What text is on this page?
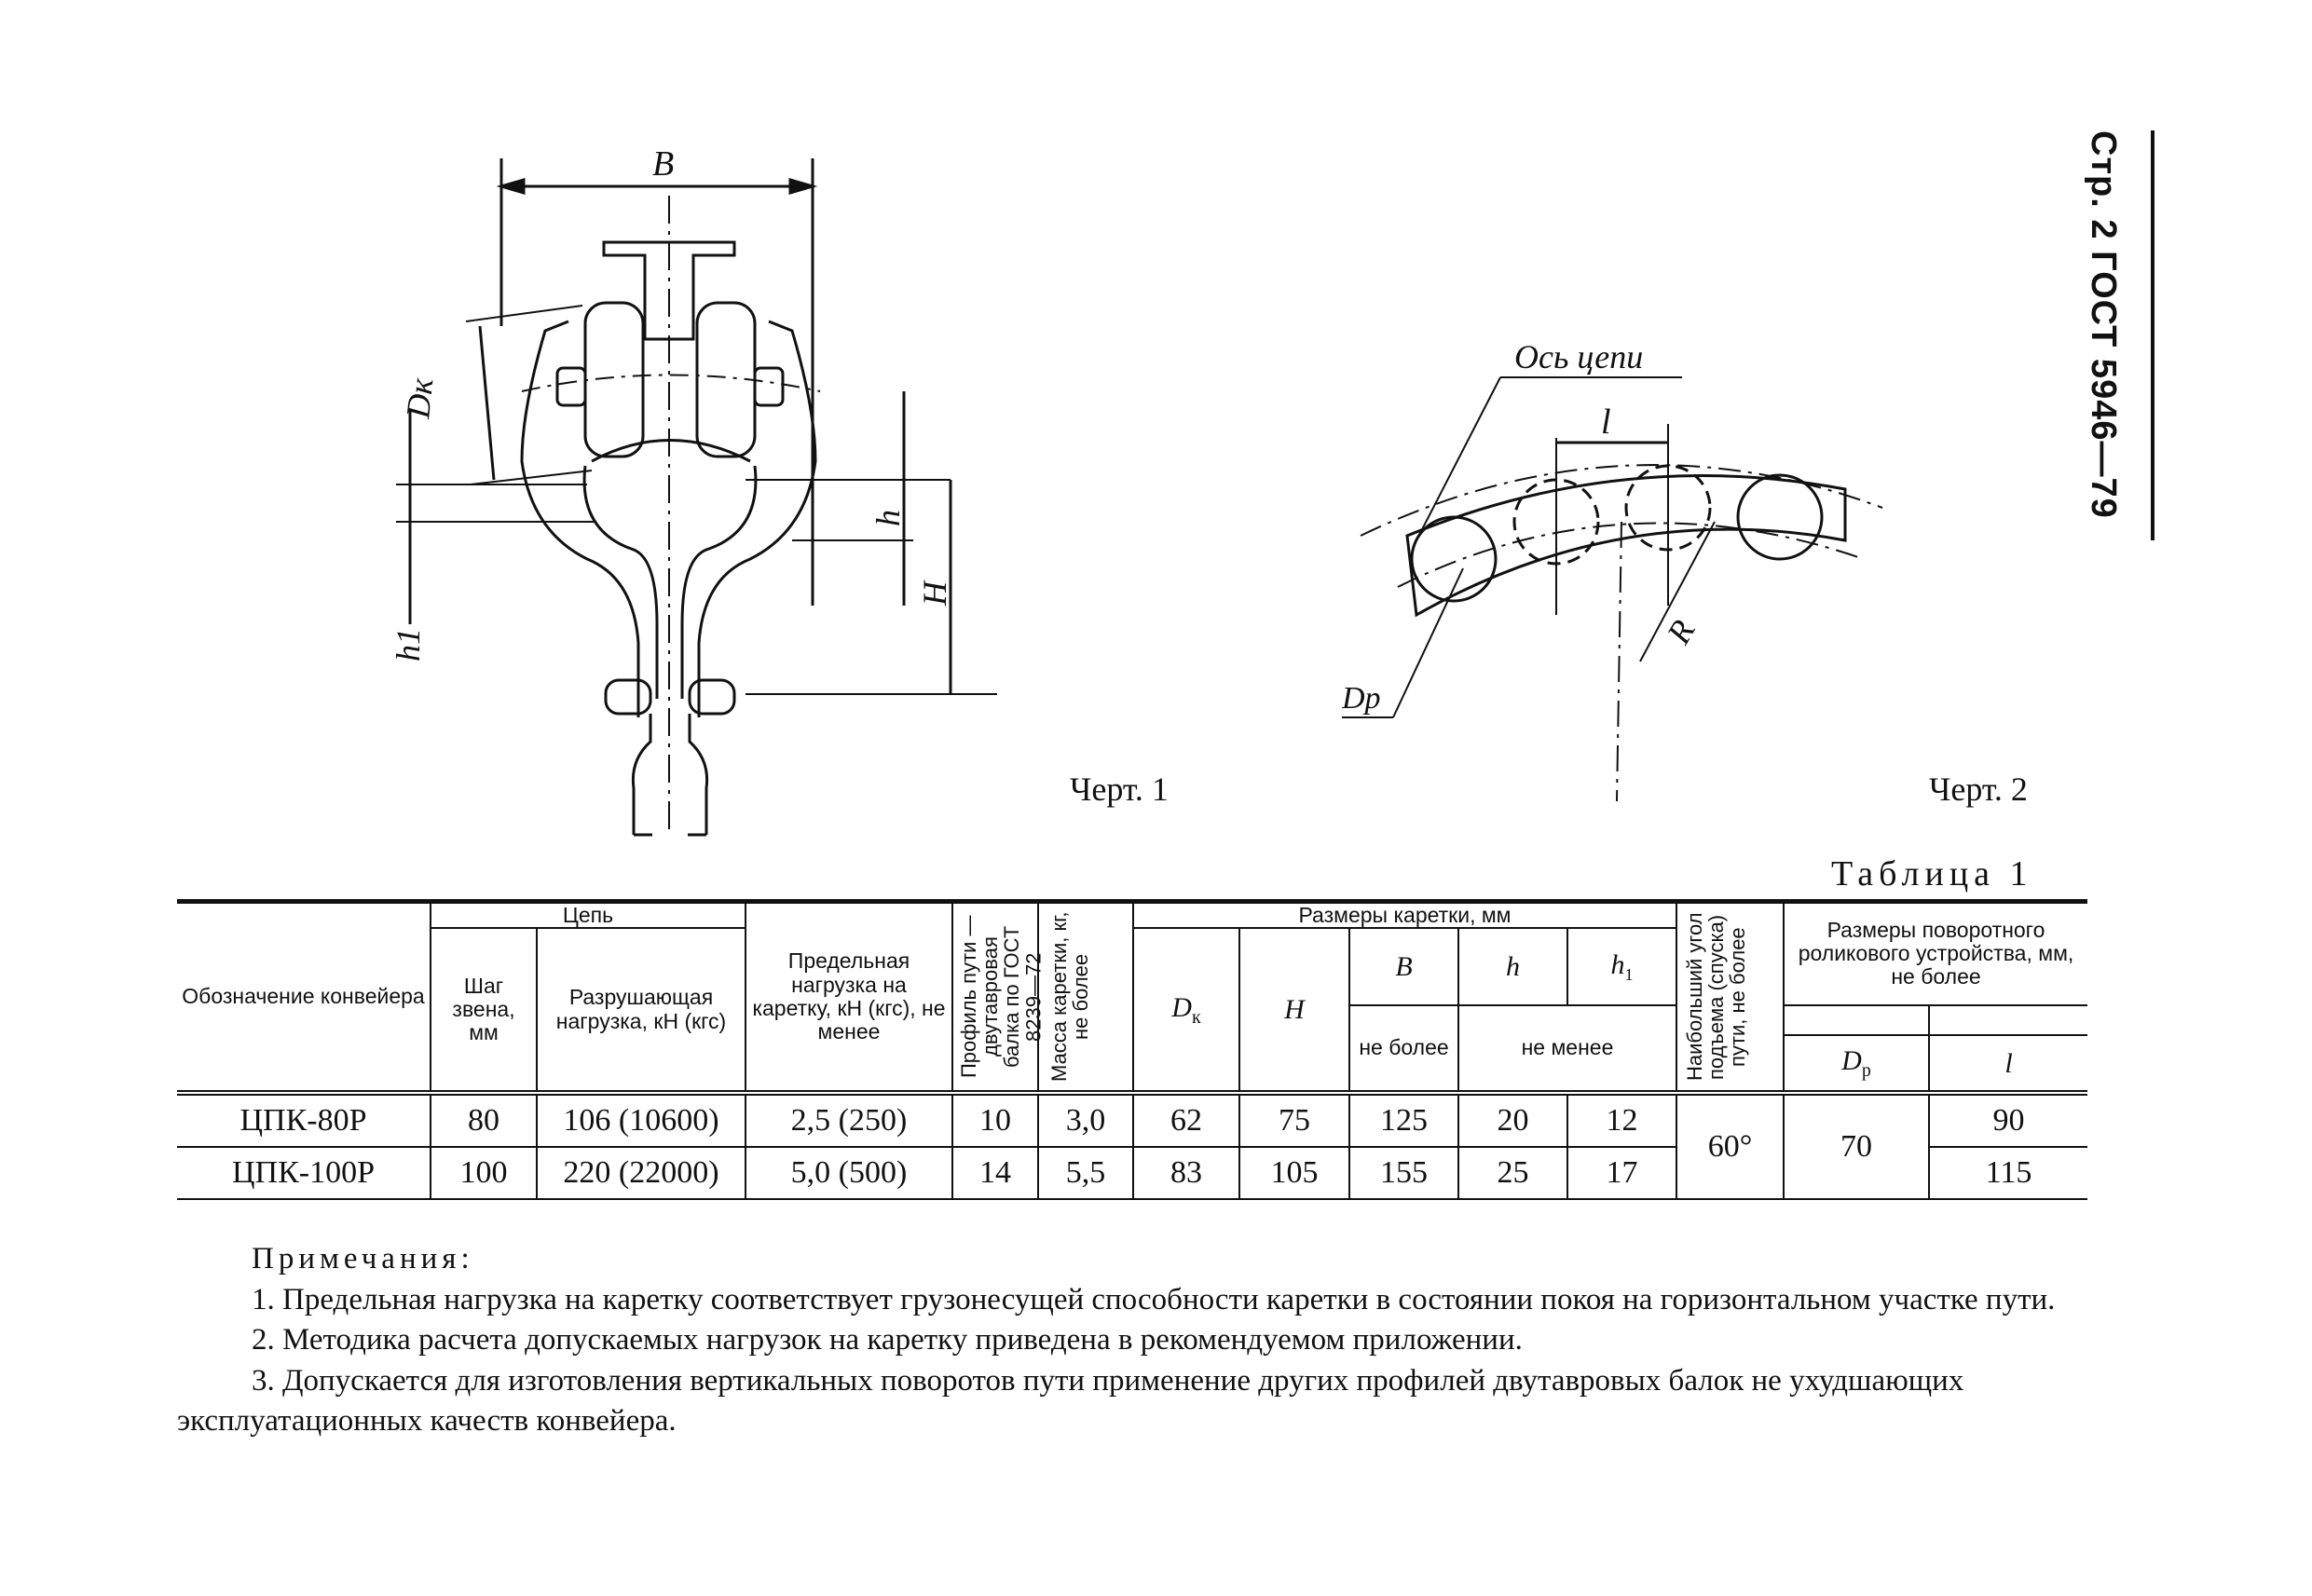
Стр. 2 ГОСТ 5946—79
B
Dк
h1
h
H
Черт. 1
l
Ось цепи
R
Dp
Черт. 2
Таблица 1
Обозначение конвейера	Цепь		Предельная нагрузка на каретку, кН (кгс), не менее	Профиль пути — двутавровая балка по ГОСТ 8239—72	Масса каретки, кг, не более	Размеры каретки, мм					Наибольший угол подъема (спуска) пути, не более	Размеры поворотного роликового устройства, мм, не более	
	Шаг звена, мм	Разрушающая нагрузка, кН (кгс)				$D_к$	H	B	h	$h_1$
								не более	не менее				
												$D_р$	l
ЦПК-80Р	80	106 (10600)	2,5 (250)	10	3,0	62	75	125	20	12	60°	70	90
ЦПК-100Р	100	220 (22000)	5,0 (500)	14	5,5	83	105	155	25	17			115

Примечания:

1. Предельная нагрузка на каретку соответствует грузонесущей способности каретки в состоянии покоя на горизонтальном участке пути.

2. Методика расчета допускаемых нагрузок на каретку приведена в рекомендуемом приложении.

3. Допускается для изготовления вертикальных поворотов пути применение других профилей двутавровых балок не ухудшающих эксплуатационных качеств конвейера.
